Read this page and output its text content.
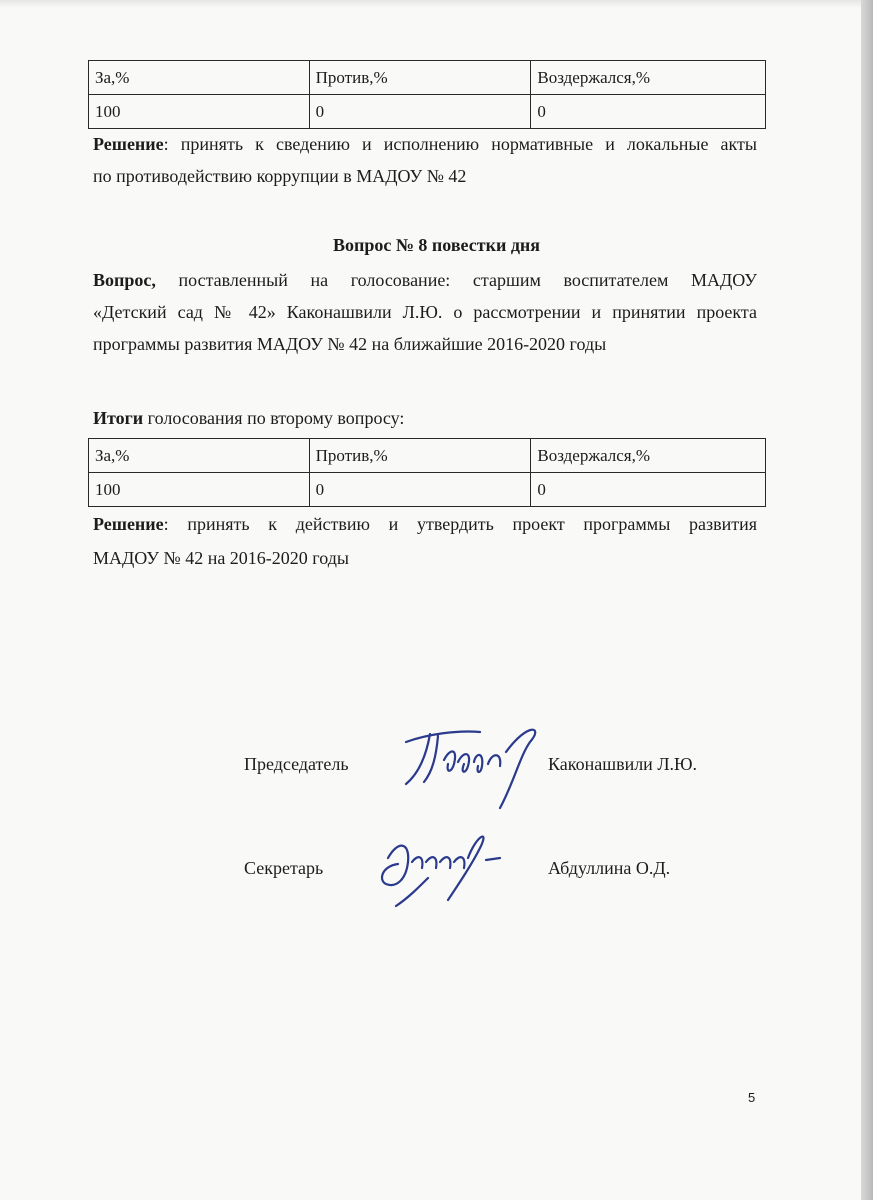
За,%	Против,%	Воздержался,%
100	0	0

Решение: принять к сведению и исполнению нормативные и локальные акты

по противодействию коррупции в МАДОУ № 42

Вопрос № 8 повестки дня

Вопрос, поставленный на голосование: старшим воспитателем МАДОУ

«Детский сад № 42» Каконашвили Л.Ю. о рассмотрении и принятии проекта

программы развития МАДОУ № 42 на ближайшие 2016-2020 годы

Итоги голосования по второму вопросу:

За,%	Против,%	Воздержался,%
100	0	0

Решение: принять к действию и утвердить проект программы развития

МАДОУ № 42 на 2016-2020 годы

Председатель	Каконашвили Л.Ю.
Секретарь	Абдуллина О.Д.
5
